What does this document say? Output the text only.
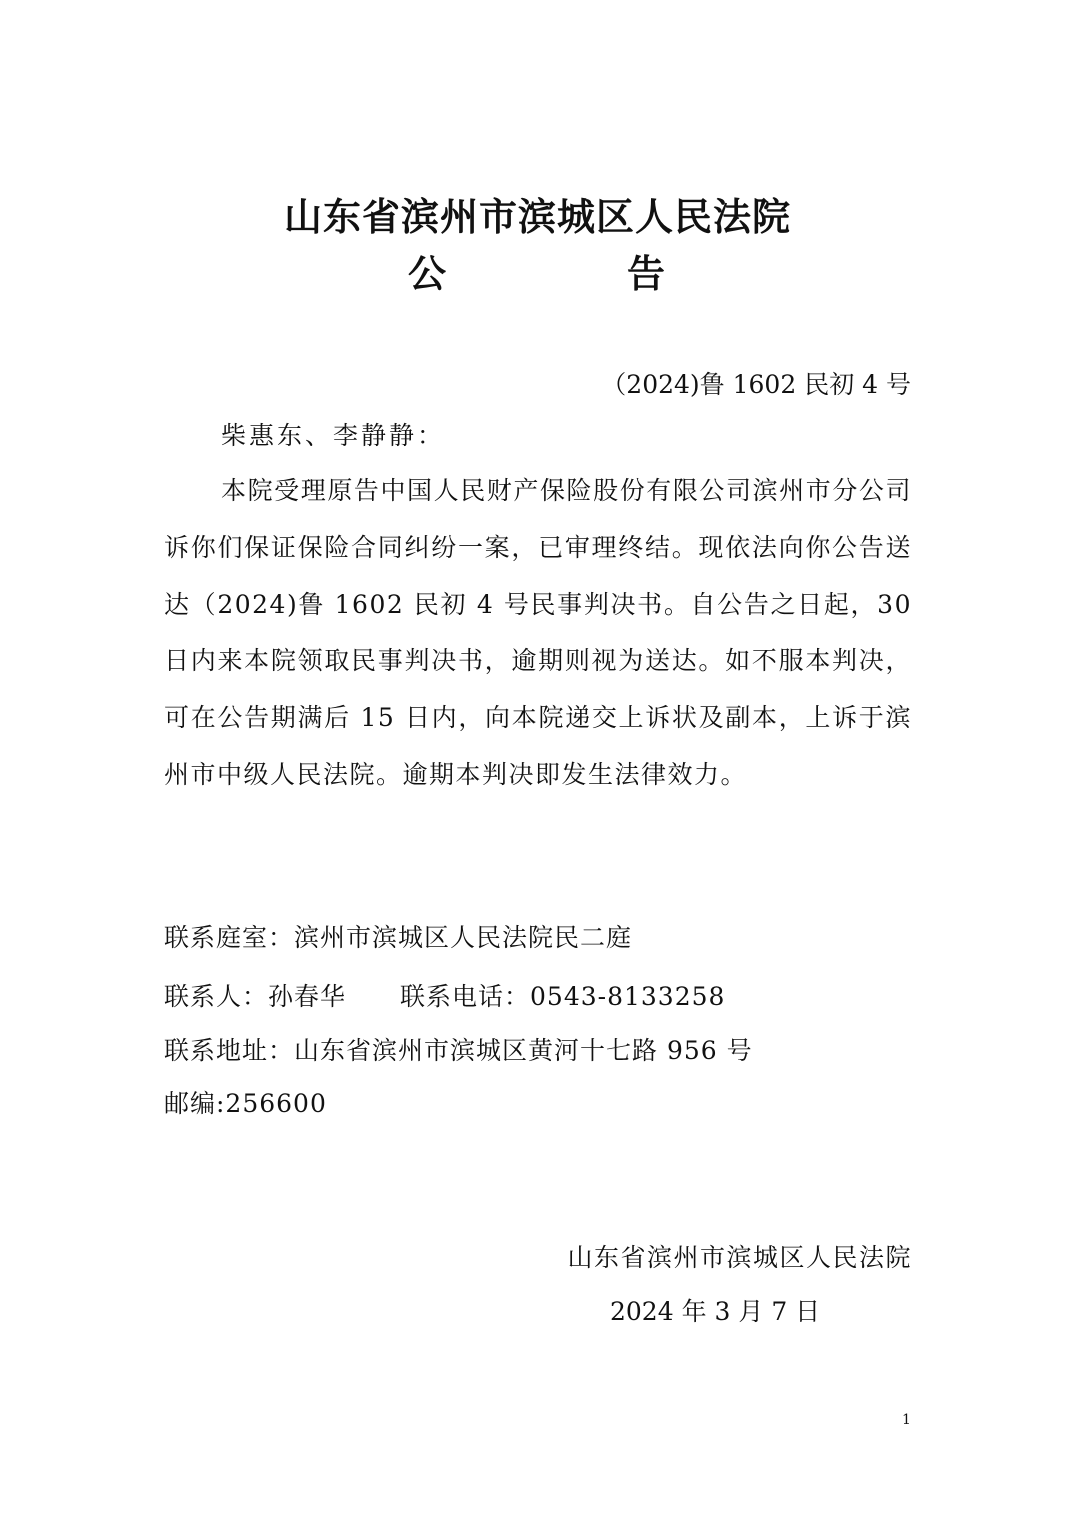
山东省滨州市滨城区人民法院
公	告
（2024)鲁 1602 民初 4 号
柴惠东、李静静：

本院受理原告中国人民财产保险股份有限公司滨州市分公司诉你们保证保险合同纠纷一案，已审理终结。现依法向你公告送达（2024)鲁 1602 民初 4 号民事判决书。自公告之日起，30 日内来本院领取民事判决书，逾期则视为送达。如不服本判决，可在公告期满后 15 日内，向本院递交上诉状及副本，上诉于滨州市中级人民法院。逾期本判决即发生法律效力。

联系庭室：滨州市滨城区人民法院民二庭
联系人：孙春华 联系电话：0543-8133258
联系地址：山东省滨州市滨城区黄河十七路 956 号
邮编:256600
山东省滨州市滨城区人民法院
2024 年 3 月 7 日
1
